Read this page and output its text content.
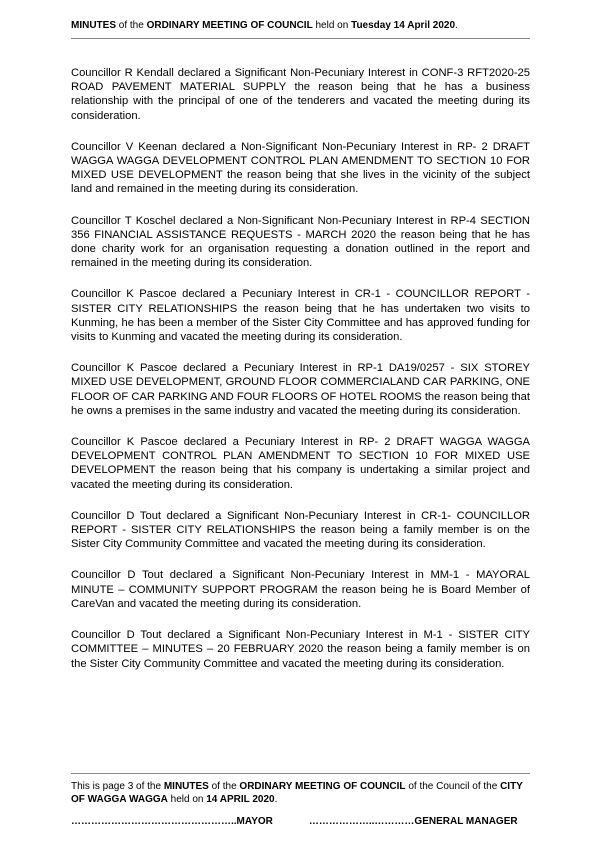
MINUTES of the ORDINARY MEETING OF COUNCIL held on Tuesday 14 April 2020.

Councillor R Kendall declared a Significant Non-Pecuniary Interest in CONF-3 RFT2020-25 ROAD PAVEMENT MATERIAL SUPPLY the reason being that he has a business relationship with the principal of one of the tenderers and vacated the meeting during its consideration.

Councillor V Keenan declared a Non-Significant Non-Pecuniary Interest in RP- 2 DRAFT WAGGA WAGGA DEVELOPMENT CONTROL PLAN AMENDMENT TO SECTION 10 FOR MIXED USE DEVELOPMENT the reason being that she lives in the vicinity of the subject land and remained in the meeting during its consideration.

Councillor T Koschel declared a Non-Significant Non-Pecuniary Interest in RP-4 SECTION 356 FINANCIAL ASSISTANCE REQUESTS - MARCH 2020 the reason being that he has done charity work for an organisation requesting a donation outlined in the report and remained in the meeting during its consideration.

Councillor K Pascoe declared a Pecuniary Interest in CR-1 - COUNCILLOR REPORT - SISTER CITY RELATIONSHIPS the reason being that he has undertaken two visits to Kunming, he has been a member of the Sister City Committee and has approved funding for visits to Kunming and vacated the meeting during its consideration.

Councillor K Pascoe declared a Pecuniary Interest in RP-1 DA19/0257 - SIX STOREY MIXED USE DEVELOPMENT, GROUND FLOOR COMMERCIALAND CAR PARKING, ONE FLOOR OF CAR PARKING AND FOUR FLOORS OF HOTEL ROOMS the reason being that he owns a premises in the same industry and vacated the meeting during its consideration.

Councillor K Pascoe declared a Pecuniary Interest in RP- 2 DRAFT WAGGA WAGGA DEVELOPMENT CONTROL PLAN AMENDMENT TO SECTION 10 FOR MIXED USE DEVELOPMENT the reason being that his company is undertaking a similar project and vacated the meeting during its consideration.

Councillor D Tout declared a Significant Non-Pecuniary Interest in CR-1- COUNCILLOR REPORT - SISTER CITY RELATIONSHIPS the reason being a family member is on the Sister City Community Committee and vacated the meeting during its consideration.

Councillor D Tout declared a Significant Non-Pecuniary Interest in MM-1 - MAYORAL MINUTE – COMMUNITY SUPPORT PROGRAM the reason being he is Board Member of CareVan and vacated the meeting during its consideration.

Councillor D Tout declared a Significant Non-Pecuniary Interest in M-1 - SISTER CITY COMMITTEE – MINUTES – 20 FEBRUARY 2020 the reason being a family member is on the Sister City Community Committee and vacated the meeting during its consideration.

This is page 3 of the MINUTES of the ORDINARY MEETING OF COUNCIL of the Council of the CITY OF WAGGA WAGGA held on 14 APRIL 2020.
…………………………………………..MAYOR	………………..…………GENERAL MANAGER
